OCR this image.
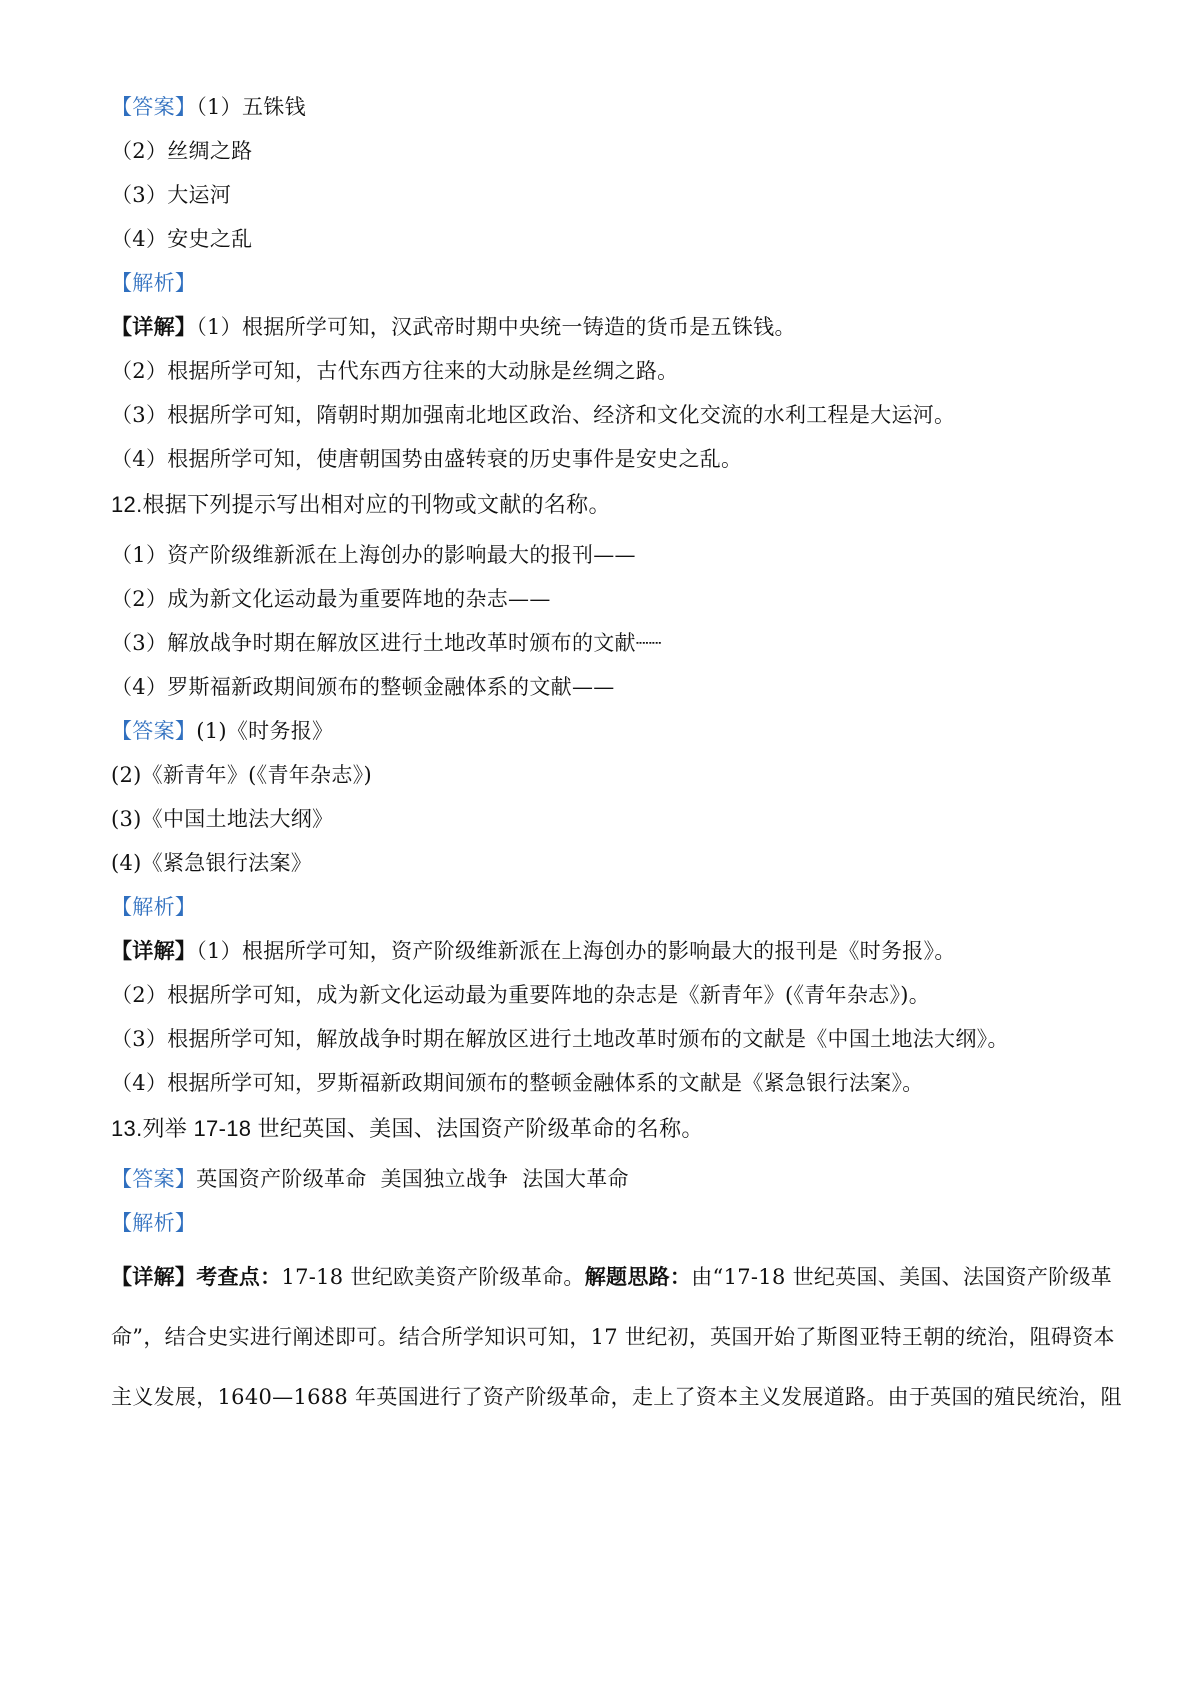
【答案】（1）五铢钱
（2）丝绸之路
（3）大运河
（4）安史之乱
【解析】
【详解】（1）根据所学可知，汉武帝时期中央统一铸造的货币是五铢钱。
（2）根据所学可知，古代东西方往来的大动脉是丝绸之路。
（3）根据所学可知，隋朝时期加强南北地区政治、经济和文化交流的水利工程是大运河。
（4）根据所学可知，使唐朝国势由盛转衰的历史事件是安史之乱。
12.根据下列提示写出相对应的刊物或文献的名称。
（1）资产阶级维新派在上海创办的影响最大的报刊——
（2）成为新文化运动最为重要阵地的杂志——
（3）解放战争时期在解放区进行土地改革时颁布的文献┈┈
（4）罗斯福新政期间颁布的整顿金融体系的文献——
【答案】(1)《时务报》
(2)《新青年》(《青年杂志》)
(3)《中国土地法大纲》
(4)《紧急银行法案》
【解析】
【详解】（1）根据所学可知，资产阶级维新派在上海创办的影响最大的报刊是《时务报》。
（2）根据所学可知，成为新文化运动最为重要阵地的杂志是《新青年》(《青年杂志》)。
（3）根据所学可知，解放战争时期在解放区进行土地改革时颁布的文献是《中国土地法大纲》。
（4）根据所学可知，罗斯福新政期间颁布的整顿金融体系的文献是《紧急银行法案》。
13.列举 17-18 世纪英国、美国、法国资产阶级革命的名称。
【答案】英国资产阶级革命  美国独立战争  法国大革命
【解析】
【详解】考查点：17-18 世纪欧美资产阶级革命。解题思路：由“17-18 世纪英国、美国、法国资产阶级革
命”，结合史实进行阐述即可。结合所学知识可知，17 世纪初，英国开始了斯图亚特王朝的统治，阻碍资本
主义发展，1640—1688 年英国进行了资产阶级革命，走上了资本主义发展道路。由于英国的殖民统治，阻
